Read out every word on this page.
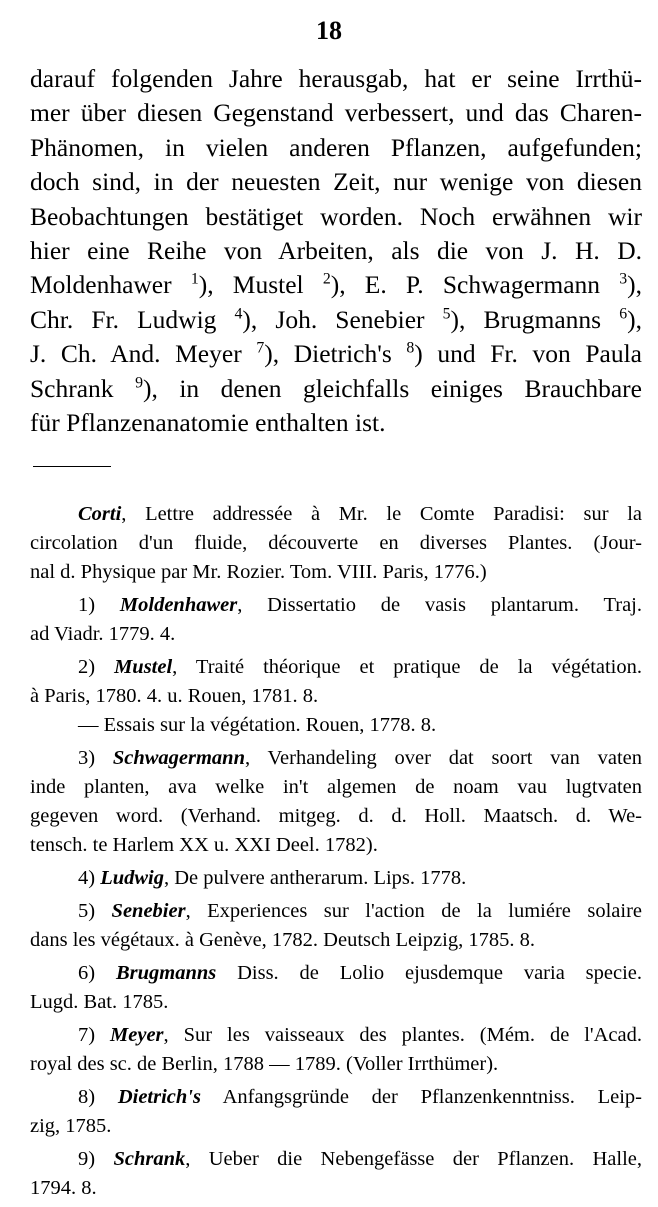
18
darauf folgenden Jahre herausgab, hat er seine Irrthü-
mer über diesen Gegenstand verbessert, und das Charen-
Phänomen, in vielen anderen Pflanzen, aufgefunden;
doch sind, in der neuesten Zeit, nur wenige von diesen
Beobachtungen bestätiget worden. Noch erwähnen wir
hier eine Reihe von Arbeiten, als die von J. H. D.
Moldenhawer $^1$), Mustel $^2$), E. P. Schwagermann $^3$),
Chr. Fr. Ludwig $^4$), Joh. Senebier $^5$), Brugmanns $^6$),
J. Ch. And. Meyer $^7$), Dietrich's $^8$) und Fr. von Paula
Schrank $^9$), in denen gleichfalls einiges Brauchbare
für Pflanzenanatomie enthalten ist.
Corti, Lettre addressée à Mr. le Comte Paradisi: sur la
circolation d'un fluide, découverte en diverses Plantes. (Jour-
nal d. Physique par Mr. Rozier. Tom. VIII. Paris, 1776.)
1) Moldenhawer, Dissertatio de vasis plantarum. Traj.
ad Viadr. 1779. 4.
2) Mustel, Traité théorique et pratique de la végétation.
à Paris, 1780. 4. u. Rouen, 1781. 8.
— Essais sur la végétation. Rouen, 1778. 8.
3) Schwagermann, Verhandeling over dat soort van vaten
inde planten, ava welke in't algemen de noam vau lugtvaten
gegeven word. (Verhand. mitgeg. d. d. Holl. Maatsch. d. We-
tensch. te Harlem XX u. XXI Deel. 1782).
4) Ludwig, De pulvere antherarum. Lips. 1778.
5) Senebier, Experiences sur l'action de la lumiére solaire
dans les végétaux. à Genève, 1782. Deutsch Leipzig, 1785. 8.
6) Brugmanns Diss. de Lolio ejusdemque varia specie.
Lugd. Bat. 1785.
7) Meyer, Sur les vaisseaux des plantes. (Mém. de l'Acad.
royal des sc. de Berlin, 1788 — 1789. (Voller Irrthümer).
8) Dietrich's Anfangsgründe der Pflanzenkenntniss. Leip-
zig, 1785.
9) Schrank, Ueber die Nebengefässe der Pflanzen. Halle,
1794. 8.
